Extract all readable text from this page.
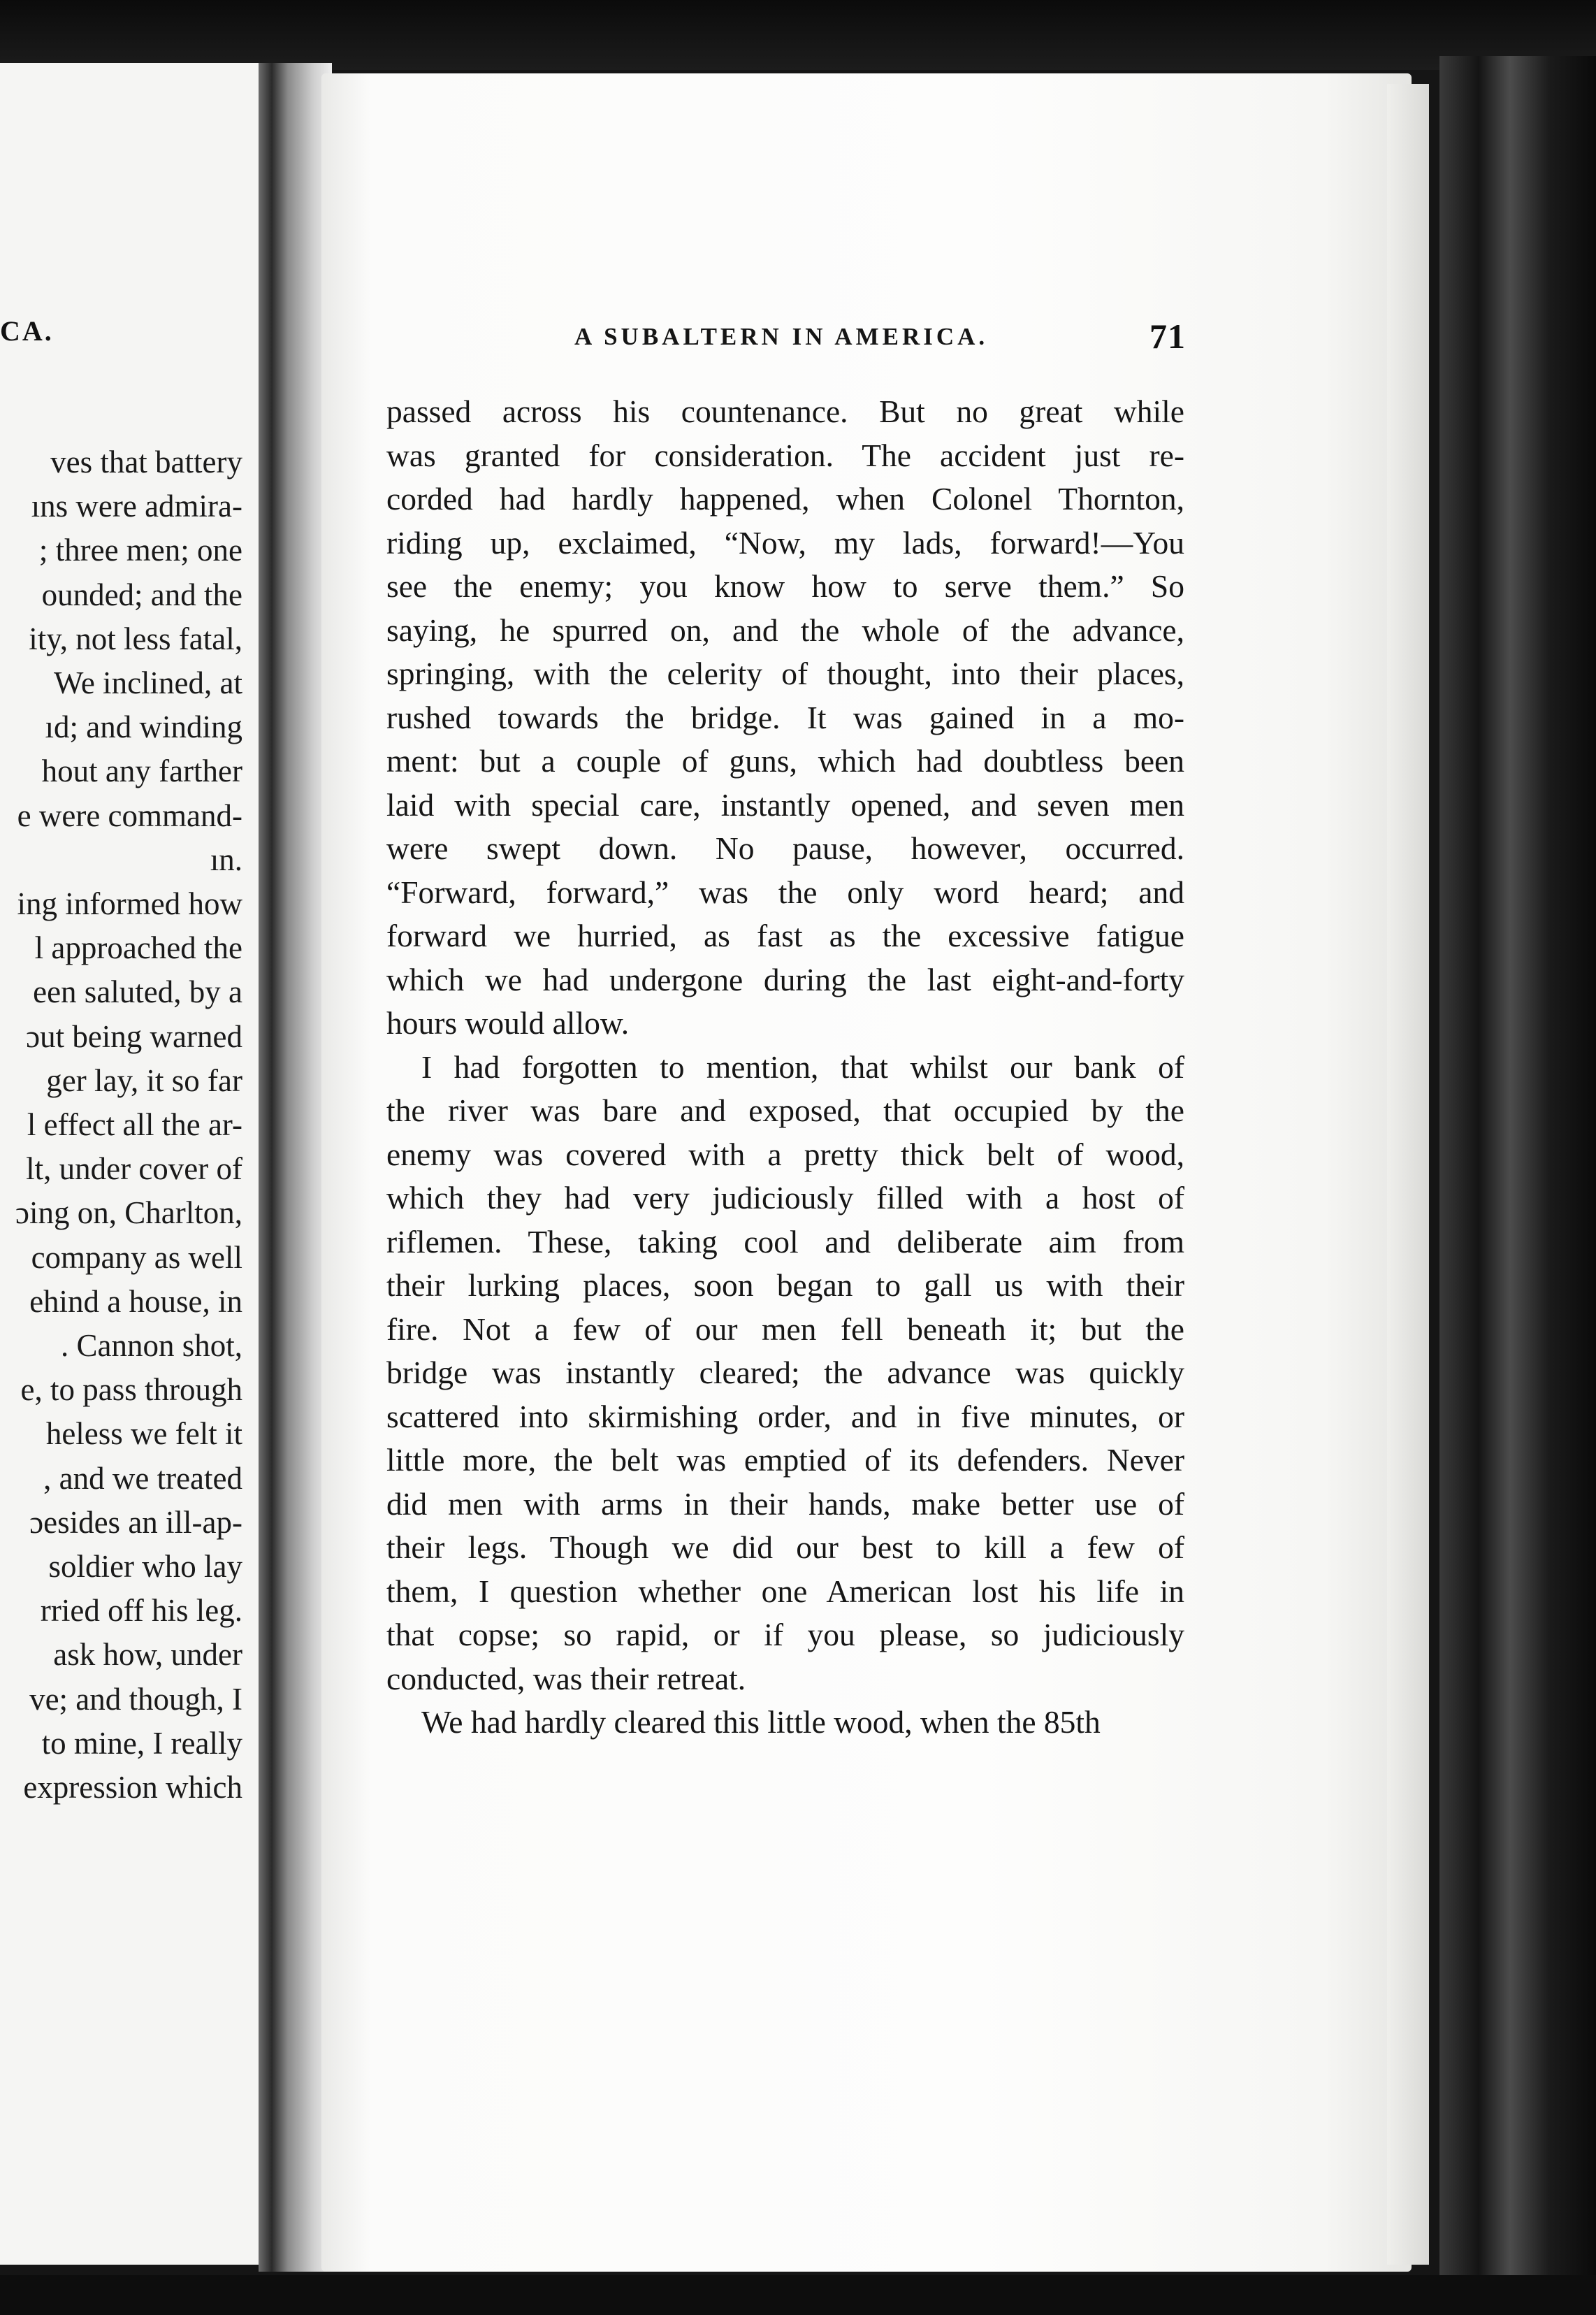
CA.
ves that battery
ıns were admira-
; three men; one
ounded; and the
ity, not less fatal,
We inclined, at
ıd; and winding
hout any farther
e were command-
ın.
ing informed how
l approached the
een saluted, by a
ɔut being warned
ger lay, it so far
l effect all the ar-
lt, under cover of
ɔing on, Charlton,
company as well
ehind a house, in
. Cannon shot,
e, to pass through
heless we felt it
, and we treated
ɔesides an ill-ap-
soldier who lay
rried off his leg.
ask how, under
ve; and though, I
to mine, I really
expression which
A SUBALTERN IN AMERICA.	71
passed across his countenance. But no great while
was granted for consideration. The accident just re-
corded had hardly happened, when Colonel Thornton,
riding up, exclaimed, “Now, my lads, forward!—You
see the enemy; you know how to serve them.” So
saying, he spurred on, and the whole of the advance,
springing, with the celerity of thought, into their places,
rushed towards the bridge. It was gained in a mo-
ment: but a couple of guns, which had doubtless been
laid with special care, instantly opened, and seven men
were swept down. No pause, however, occurred.
“Forward, forward,” was the only word heard; and
forward we hurried, as fast as the excessive fatigue
which we had undergone during the last eight-and-forty
hours would allow.
I had forgotten to mention, that whilst our bank of
the river was bare and exposed, that occupied by the
enemy was covered with a pretty thick belt of wood,
which they had very judiciously filled with a host of
riflemen. These, taking cool and deliberate aim from
their lurking places, soon began to gall us with their
fire. Not a few of our men fell beneath it; but the
bridge was instantly cleared; the advance was quickly
scattered into skirmishing order, and in five minutes, or
little more, the belt was emptied of its defenders. Never
did men with arms in their hands, make better use of
their legs. Though we did our best to kill a few of
them, I question whether one American lost his life in
that copse; so rapid, or if you please, so judiciously
conducted, was their retreat.
We had hardly cleared this little wood, when the 85th
